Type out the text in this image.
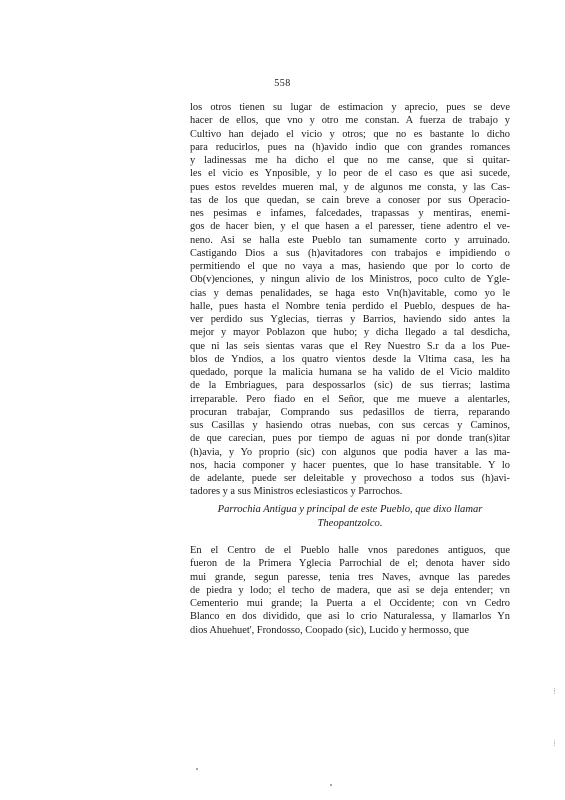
558
los otros tienen su lugar de estimacion y aprecio, pues se deve
hacer de ellos, que vno y otro me constan. A fuerza de trabajo y
Cultivo han dejado el vicio y otros; que no es bastante lo dicho
para reducirlos, pues na (h)avido indio que con grandes romances
y ladinessas me ha dicho el que no me canse, que si quitar-
les el vicio es Ynposible, y lo peor de el caso es que asi sucede,
pues estos reveldes mueren mal, y de algunos me consta, y las Cas-
tas de los que quedan, se cain breve a conoser por sus Operacio-
nes pesimas e infames, falcedades, trapassas y mentiras, enemi-
gos de hacer bien, y el que hasen a el paresser, tiene adentro el ve-
neno. Asi se halla este Pueblo tan sumamente corto y arruinado.
Castigando Dios a sus (h)avitadores con trabajos e impidiendo o
permitiendo el que no vaya a mas, hasiendo que por lo corto de
Ob(v)enciones, y ningun alivio de los Ministros, poco culto de Ygle-
cias y demas penalidades, se haga esto Vn(h)avitable, como yo le
halle, pues hasta el Nombre tenia perdido el Pueblo, despues de ha-
ver perdido sus Yglecias, tierras y Barrios, haviendo sido antes la
mejor y mayor Poblazon que hubo; y dicha llegado a tal desdicha,
que ni las seis sientas varas que el Rey Nuestro S.r da a los Pue-
blos de Yndios, a los quatro vientos desde la Vltima casa, les ha
quedado, porque la malicia humana se ha valido de el Vicio maldito
de la Embriagues, para despossarlos (sic) de sus tierras; lastima
irreparable. Pero fiado en el Señor, que me mueve a alentarles,
procuran trabajar, Comprando sus pedasillos de tierra, reparando
sus Casillas y hasiendo otras nuebas, con sus cercas y Caminos,
de que carecian, pues por tiempo de aguas ni por donde tran(s)itar
(h)avia, y Yo proprio (sic) con algunos que podia haver a las ma-
nos, hacia componer y hacer puentes, que lo hase transitable. Y lo
de adelante, puede ser deleitable y provechoso a todos sus (h)avi-
tadores y a sus Ministros eclesiasticos y Parrochos.
Parrochia Antigua y principal de este Pueblo, que dixo llamar
Theopantzolco.
En el Centro de el Pueblo halle vnos paredones antiguos, que
fueron de la Primera Yglecia Parrochial de el; denota haver sido
mui grande, segun paresse, tenia tres Naves, avnque las paredes
de piedra y lodo; el techo de madera, que asi se deja entender; vn
Cementerio mui grande; la Puerta a el Occidente; con vn Cedro
Blanco en dos dividido, que asi lo crio Naturalessa, y llamarlos Yn
dios Ahuehuet', Frondosso, Coopado (sic), Lucido y hermosso, que
....
....
